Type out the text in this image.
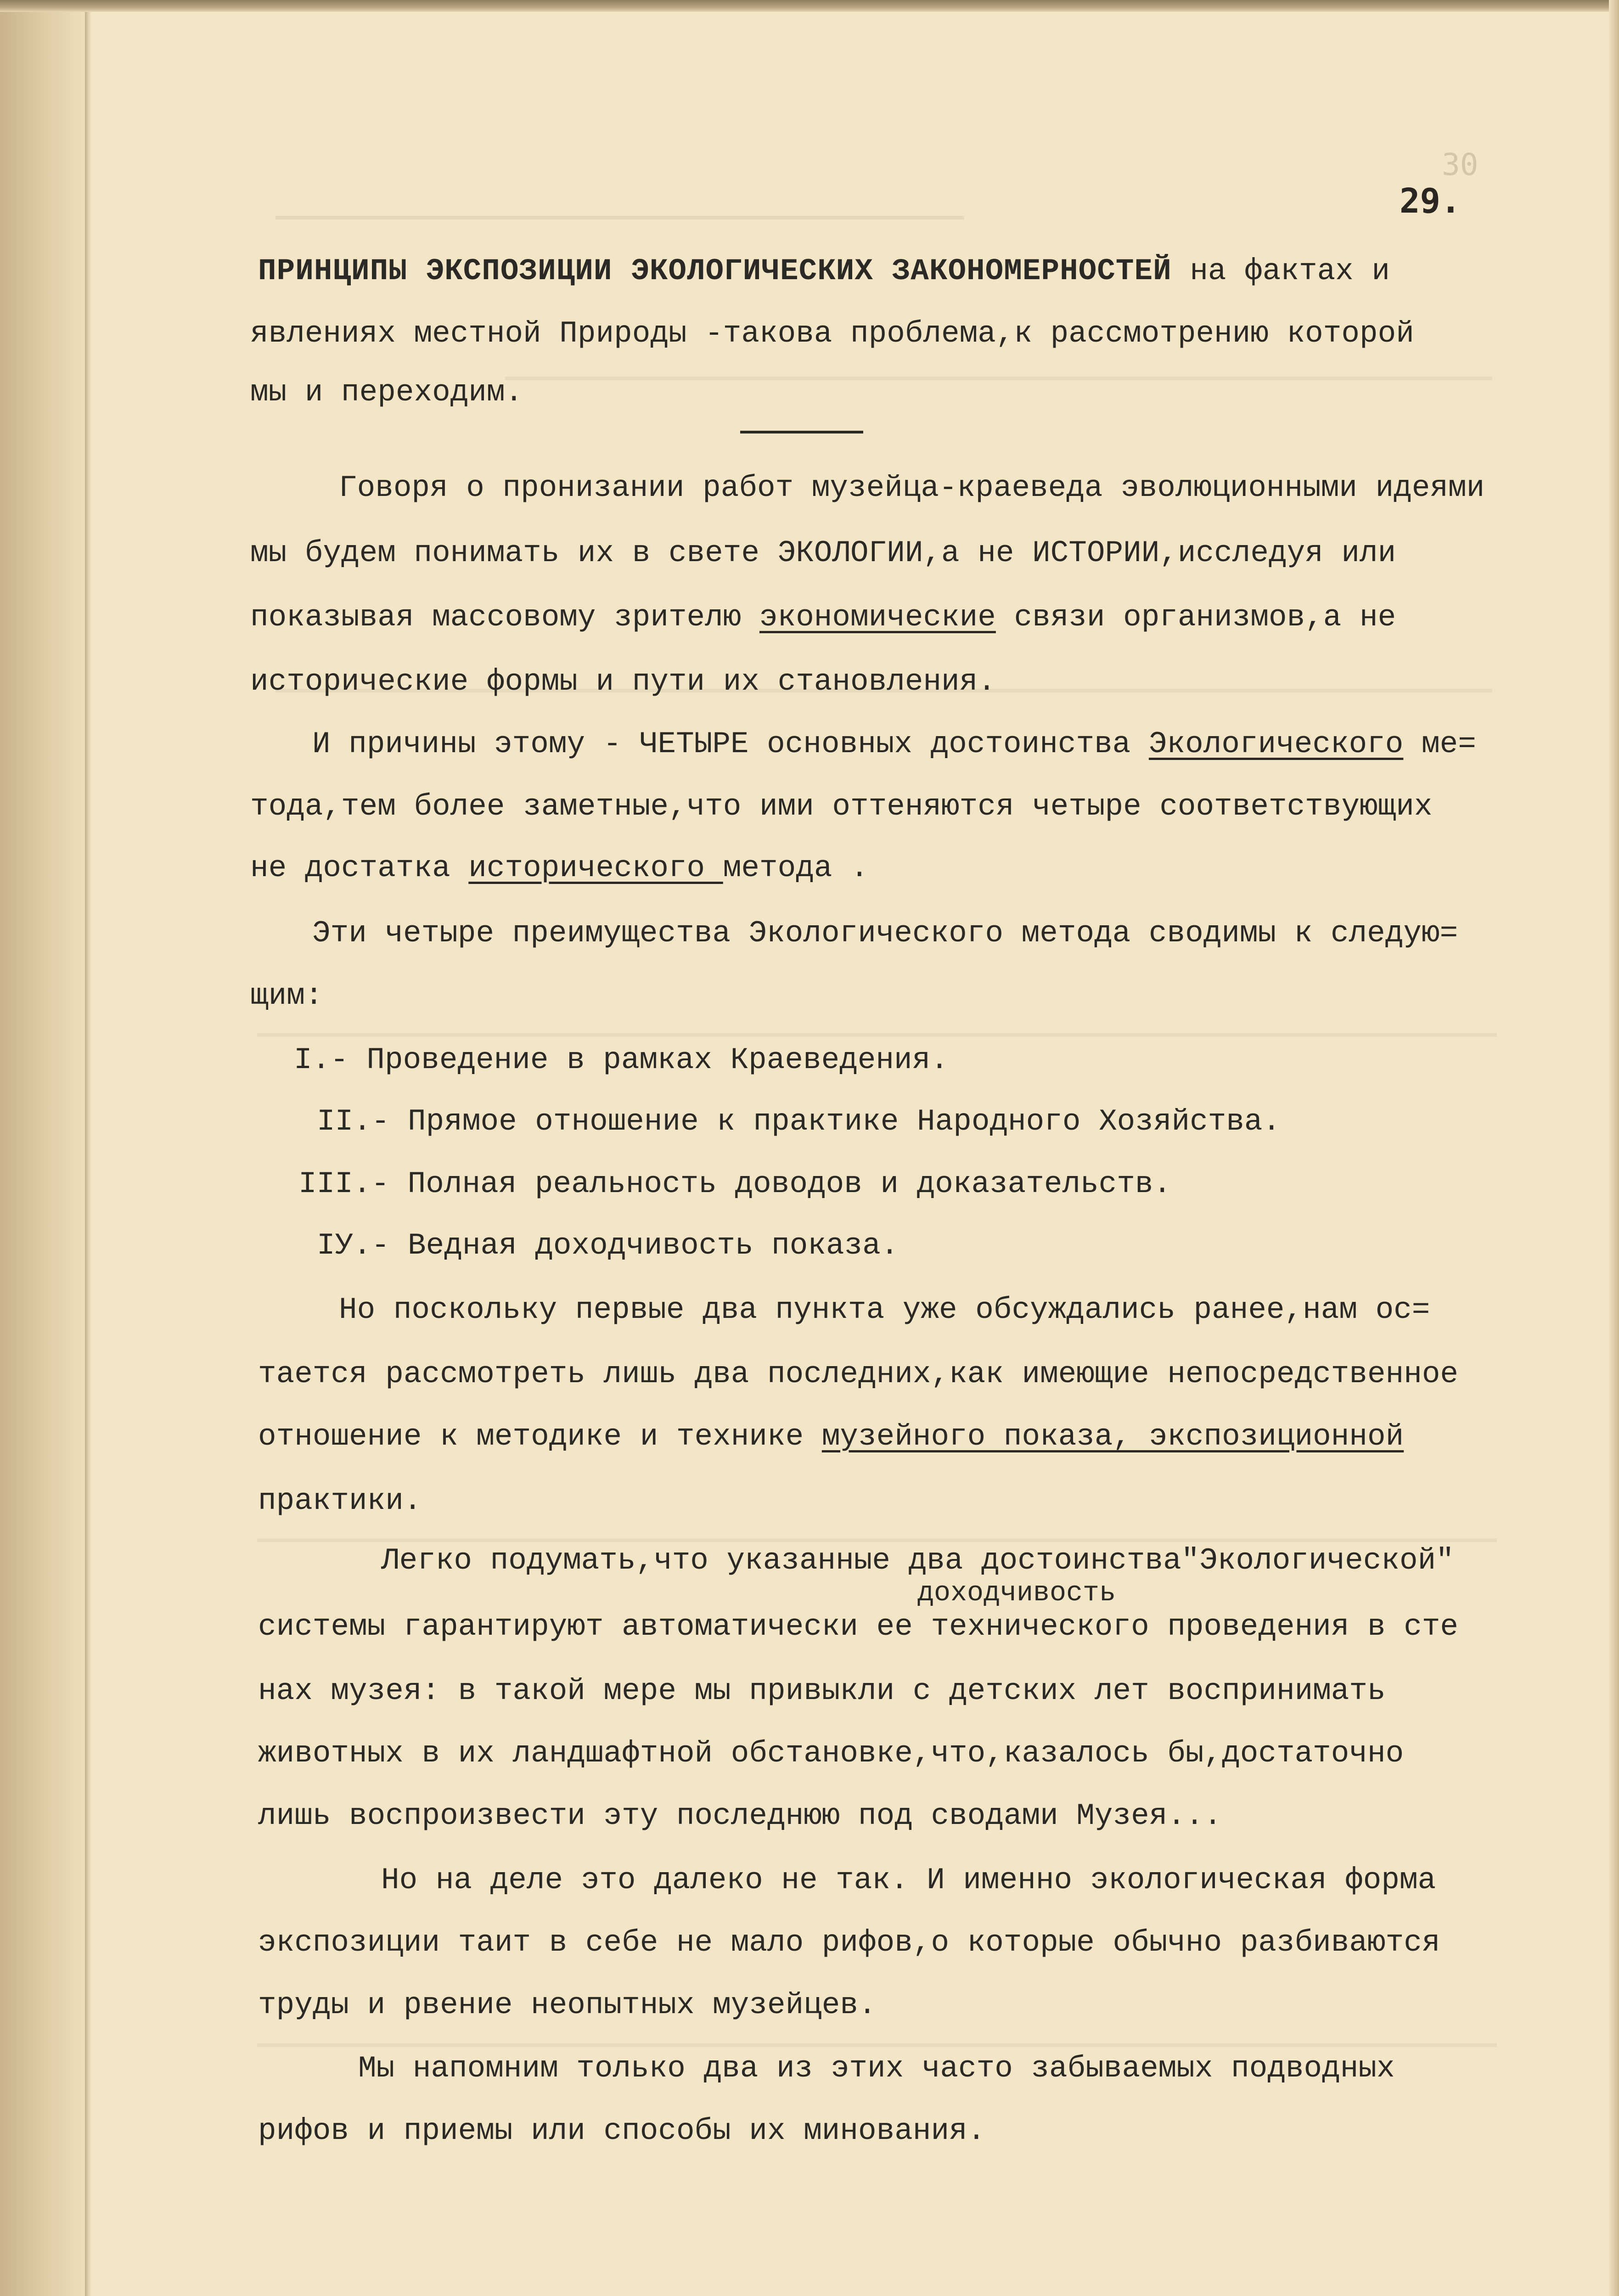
30
29.
ПРИНЦИПЫ ЭКСПОЗИЦИИ ЭКОЛОГИЧЕСКИХ ЗАКОНОМЕРНОСТЕЙ на фактах и
явлениях местной Природы -такова проблема,к рассмотрению которой
мы и переходим.
Говоря о пронизании работ музейца-краеведа эволюционными идеями
мы будем понимать их в свете ЭКОЛОГИИ,а не ИСТОРИИ,исследуя или
показывая массовому зрителю экономические связи организмов,а не
исторические формы и пути их становления.
И причины этому - ЧЕТЫРЕ основных достоинства Экологического ме=
тода,тем более заметные,что ими оттеняются четыре соответствующих
не достатка исторического метода .
Эти четыре преимущества Экологического метода сводимы к следую=
щим:
I.- Проведение в рамках Краеведения.
II.- Прямое отношение к практике Народного Хозяйства.
III.- Полная реальность доводов и доказательств.
IУ.- Ведная доходчивость показа.
Но поскольку первые два пункта уже обсуждались ранее,нам ос=
тается рассмотреть лишь два последних,как имеющие непосредственное
отношение к методике и технике музейного показа, экспозиционной
практики.
Легко подумать,что указанные два достоинства"Экологической"
доходчивость
системы гарантируют автоматически ее технического проведения в сте
нах музея: в такой мере мы привыкли с детских лет воспринимать
животных в их ландшафтной обстановке,что,казалось бы,достаточно
лишь воспроизвести эту последнюю под сводами Музея...
Но на деле это далеко не так. И именно экологическая форма
экспозиции таит в себе не мало рифов,о которые обычно разбиваются
труды и рвение неопытных музейцев.
Мы напомним только два из этих часто забываемых подводных
рифов и приемы или способы их минования.
